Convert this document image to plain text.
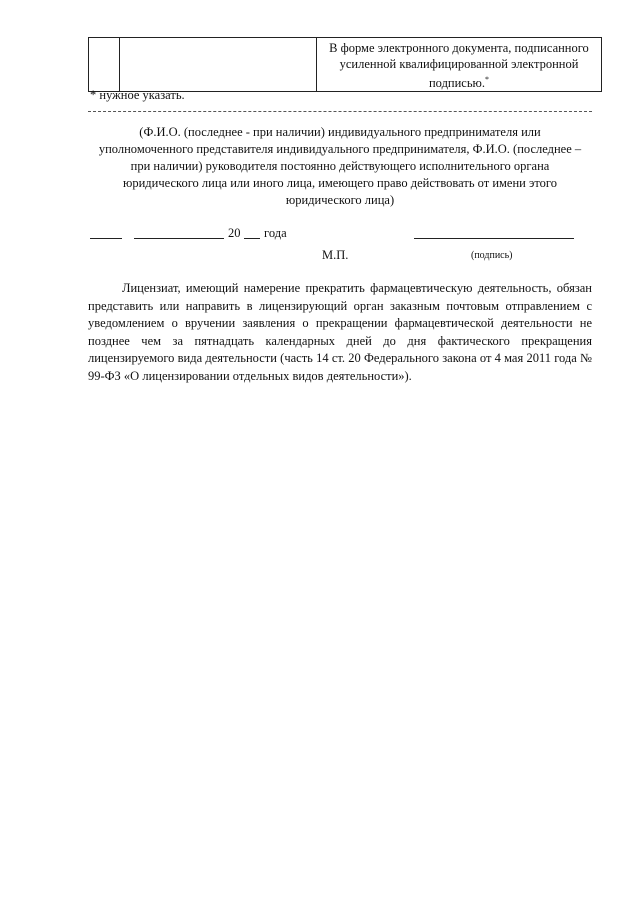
		В форме электронного документа, подписанного
усиленной квалифицированной электронной
подписью.*
* нужное указать.
(Ф.И.О. (последнее - при наличии) индивидуального предпринимателя или
уполномоченного представителя индивидуального предпринимателя, Ф.И.О. (последнее –
при наличии) руководителя постоянно действующего исполнительного органа
юридического лица или иного лица, имеющего право действовать от имени этого
юридического лица)
20 года
М.П.	(подпись)
Лицензиат, имеющий намерение прекратить фармацевтическую деятельность, обязан представить или направить в лицензирующий орган заказным почтовым отправлением с уведомлением о вручении заявления о прекращении фармацевтической деятельности не позднее чем за пятнадцать календарных дней до дня фактического прекращения лицензируемого вида деятельности (часть 14 ст. 20 Федерального закона от 4 мая 2011 года № 99-ФЗ «О лицензировании отдельных видов деятельности»).
